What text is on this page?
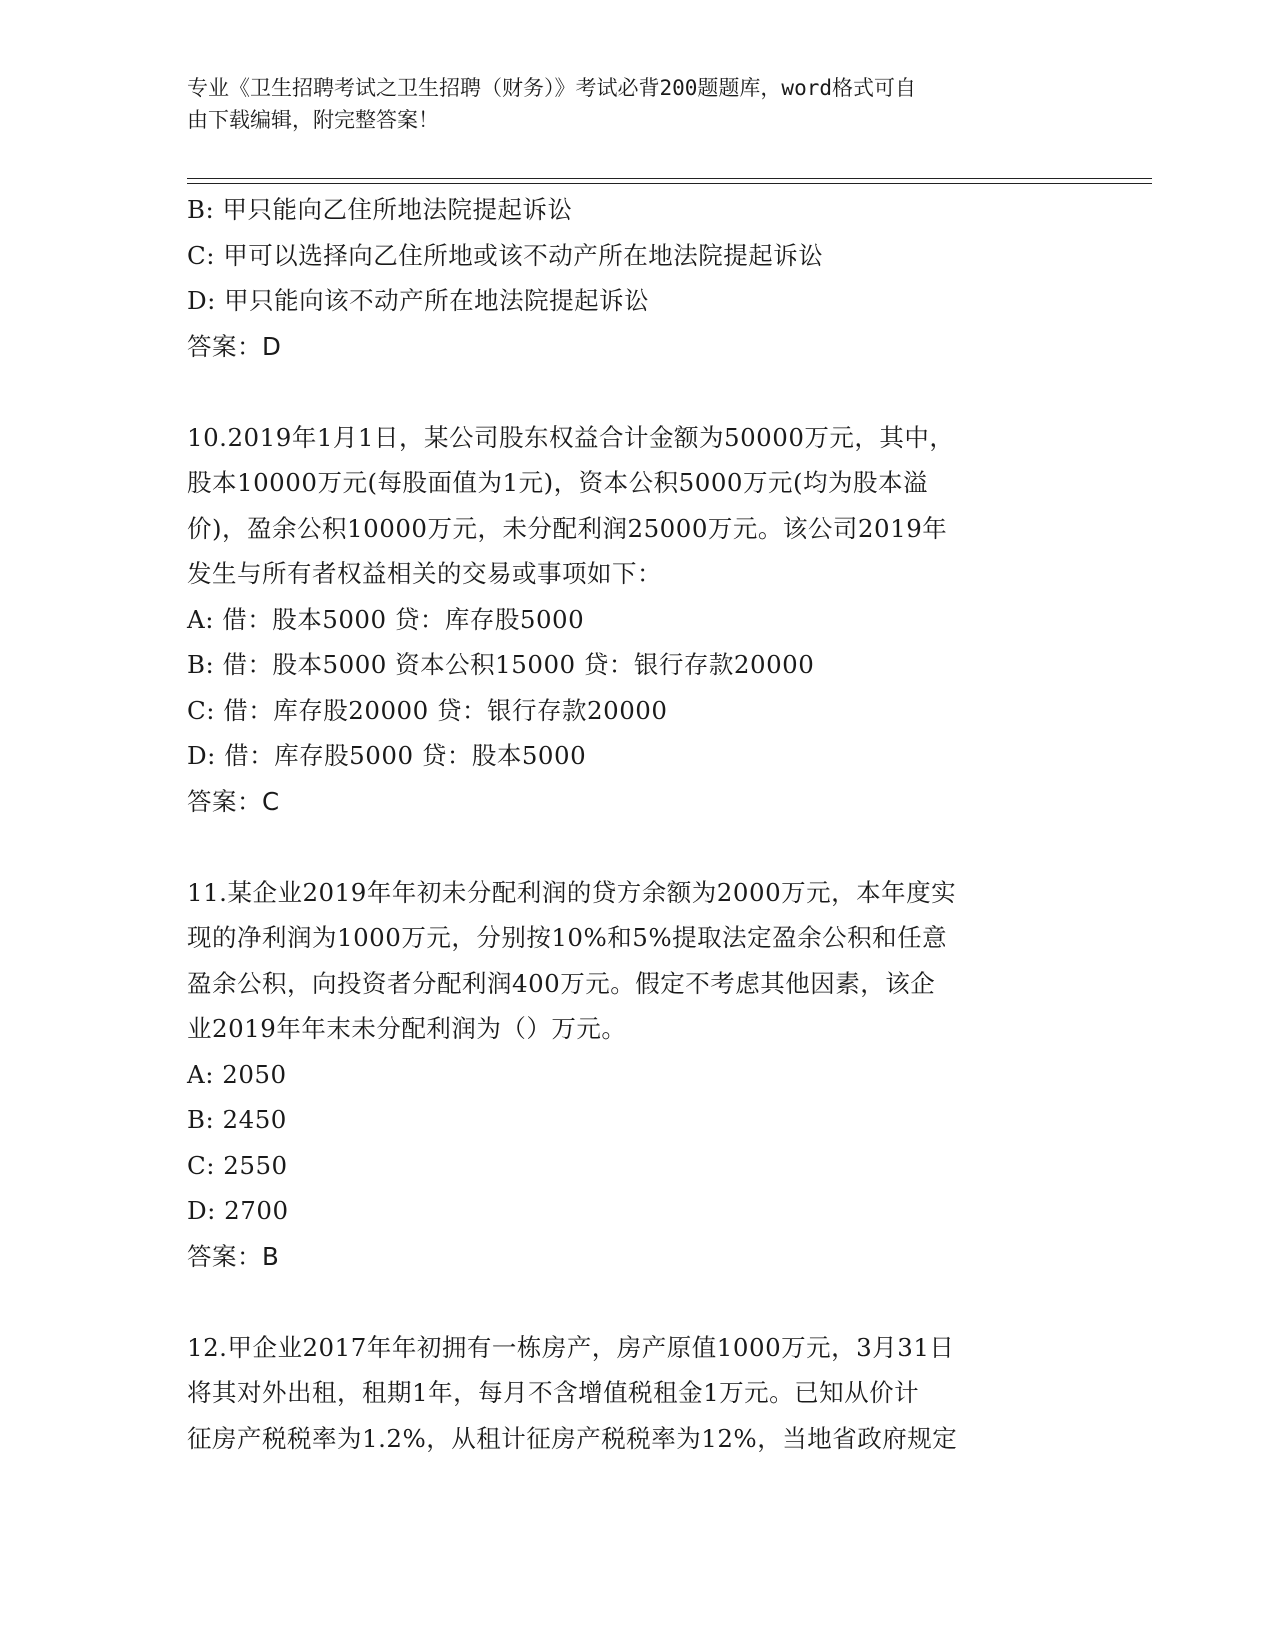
专业《卫生招聘考试之卫生招聘（财务）》考试必背200题题库，word格式可自
由下载编辑，附完整答案！
B: 甲只能向乙住所地法院提起诉讼
C: 甲可以选择向乙住所地或该不动产所在地法院提起诉讼
D: 甲只能向该不动产所在地法院提起诉讼
答案：D
10.2019年1月1日，某公司股东权益合计金额为50000万元，其中，
股本10000万元(每股面值为1元)，资本公积5000万元(均为股本溢
价)，盈余公积10000万元，未分配利润25000万元。该公司2019年
发生与所有者权益相关的交易或事项如下：
A: 借：股本5000 贷：库存股5000
B: 借：股本5000 资本公积15000 贷：银行存款20000
C: 借：库存股20000 贷：银行存款20000
D: 借：库存股5000 贷：股本5000
答案：C
11.某企业2019年年初未分配利润的贷方余额为2000万元，本年度实
现的净利润为1000万元，分别按10%和5%提取法定盈余公积和任意
盈余公积，向投资者分配利润400万元。假定不考虑其他因素，该企
业2019年年末未分配利润为（）万元。
A: 2050
B: 2450
C: 2550
D: 2700
答案：B
12.甲企业2017年年初拥有一栋房产，房产原值1000万元，3月31日
将其对外出租，租期1年，每月不含增值税租金1万元。已知从价计
征房产税税率为1.2%，从租计征房产税税率为12%，当地省政府规定
